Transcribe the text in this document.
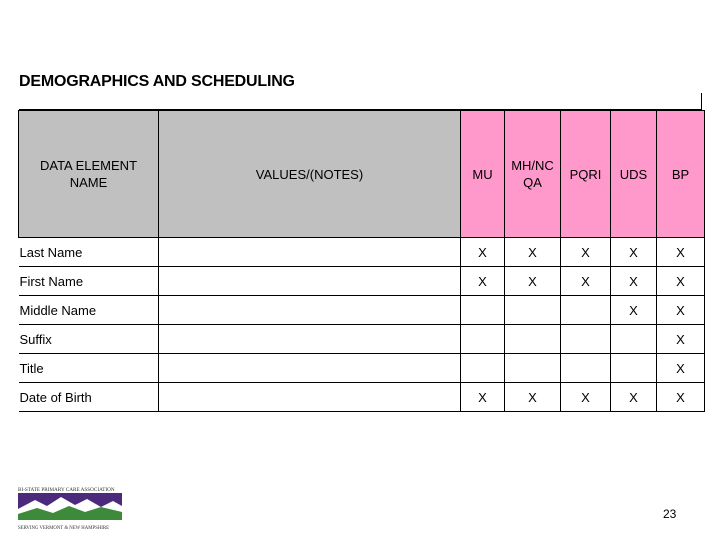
DEMOGRAPHICS AND SCHEDULING
DATA ELEMENT NAME	VALUES/(NOTES)	MU	MH/NC QA	PQRI	UDS	BP
Last Name		X	X	X	X	X
First Name		X	X	X	X	X
Middle Name					X	X
Suffix						X
Title						X
Date of Birth		X	X	X	X	X
BI-STATE PRIMARY CARE ASSOCIATION
SERVING VERMONT & NEW HAMPSHIRE
23
